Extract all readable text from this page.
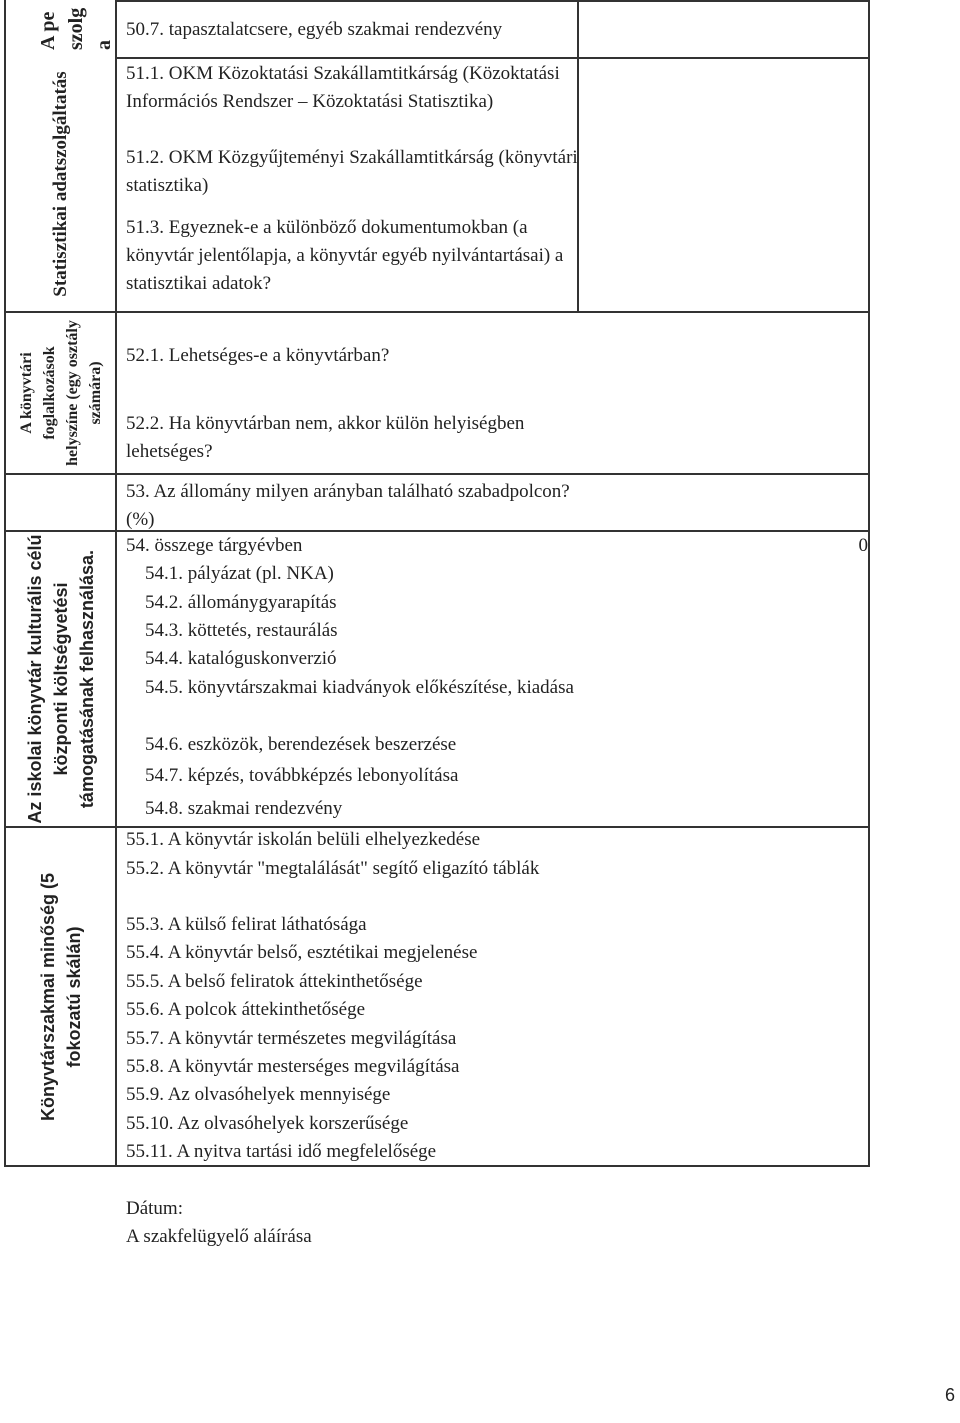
A pe szolg a
Statisztikai adatszolgáltatás
A könyvtári foglalkozások helyszíne (egy osztály számára)
Az iskolai könyvtár kulturális célú központi költségvetési támogatásának felhasználása.
Könyvtárszakmai minőség (5 fokozatú skálán)
50.7. tapasztalatcsere, egyéb szakmai rendezvény
51.1. OKM Közoktatási Szakállamtitkárság (Közoktatási Információs Rendszer – Közoktatási Statisztika)
51.2. OKM Közgyűjteményi Szakállamtitkárság (könyvtári statisztika)
51.3. Egyeznek-e a különböző dokumentumokban (a könyvtár jelentőlapja, a könyvtár egyéb nyilvántartásai) a statisztikai adatok?
52.1. Lehetséges-e a könyvtárban?
52.2. Ha könyvtárban nem, akkor külön helyiségben lehetséges?
53. Az állomány milyen arányban található szabadpolcon? (%)
54. összege tárgyévben	0
54.1. pályázat (pl. NKA)
54.2. állománygyarapítás
54.3. köttetés, restaurálás
54.4. katalóguskonverzió
54.5. könyvtárszakmai kiadványok előkészítése, kiadása
54.6. eszközök, berendezések beszerzése
54.7. képzés, továbbképzés lebonyolítása
54.8. szakmai rendezvény
55.1. A könyvtár iskolán belüli elhelyezkedése
55.2. A könyvtár "megtalálását" segítő eligazító táblák
55.3. A külső felirat láthatósága
55.4. A könyvtár belső, esztétikai megjelenése
55.5. A belső feliratok áttekinthetősége
55.6. A polcok áttekinthetősége
55.7. A könyvtár természetes megvilágítása
55.8. A könyvtár mesterséges megvilágítása
55.9. Az olvasóhelyek mennyisége
55.10. Az olvasóhelyek korszerűsége
55.11. A nyitva tartási idő megfelelősége
Dátum:
A szakfelügyelő aláírása
6
